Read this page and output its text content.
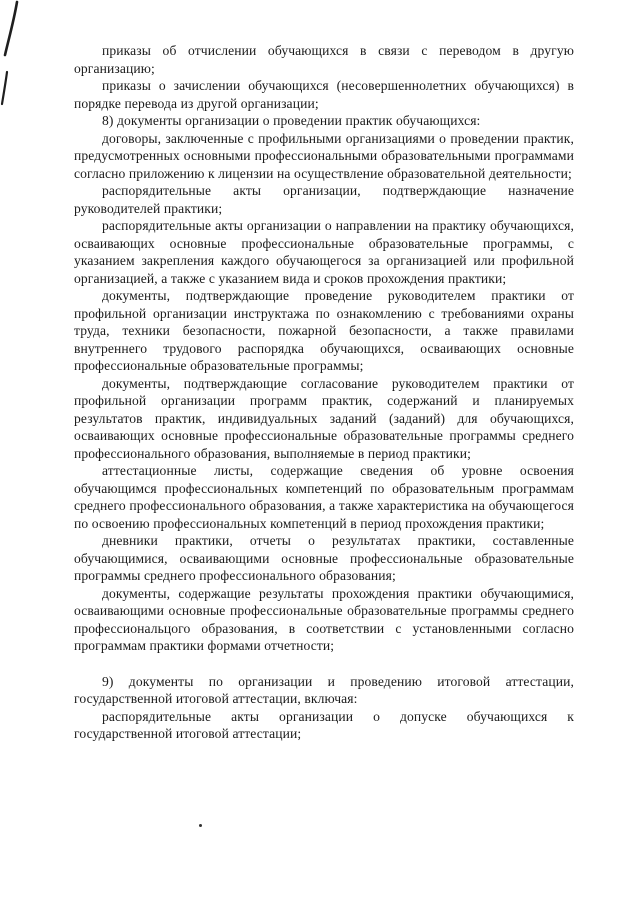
приказы об отчислении обучающихся в связи с переводом в другую организацию;

приказы о зачислении обучающихся (несовершеннолетних обучающихся) в порядке перевода из другой организации;

8) документы организации о проведении практик обучающихся:

договоры, заключенные с профильными организациями о проведении практик, предусмотренных основными профессиональными образовательными программами согласно приложению к лицензии на осуществление образовательной деятельности;

распорядительные акты организации, подтверждающие назначение руководителей практики;

распорядительные акты организации о направлении на практику обучающихся, осваивающих основные профессиональные образовательные программы, с указанием закрепления каждого обучающегося за организацией или профильной организацией, а также с указанием вида и сроков прохождения практики;

документы, подтверждающие проведение руководителем практики от профильной организации инструктажа по ознакомлению с требованиями охраны труда, техники безопасности, пожарной безопасности, а также правилами внутреннего трудового распорядка обучающихся, осваивающих основные профессиональные образовательные программы;

документы, подтверждающие согласование руководителем практики от профильной организации программ практик, содержаний и планируемых результатов практик, индивидуальных заданий (заданий) для обучающихся, осваивающих основные профессиональные образовательные программы среднего профессионального образования, выполняемые в период практики;

аттестационные листы, содержащие сведения об уровне освоения обучающимся профессиональных компетенций по образовательным программам среднего профессионального образования, а также характеристика на обучающегося по освоению профессиональных компетенций в период прохождения практики;

дневники практики, отчеты о результатах практики, составленные обучающимися, осваивающими основные профессиональные образовательные программы среднего профессионального образования;

документы, содержащие результаты прохождения практики обучающимися, осваивающими основные профессиональные образовательные программы среднего профессиональцого образования, в соответствии с установленными согласно программам практики формами отчетности;

9) документы по организации и проведению итоговой аттестации, государственной итоговой аттестации, включая:

распорядительные акты организации о допуске обучающихся к государственной итоговой аттестации;
